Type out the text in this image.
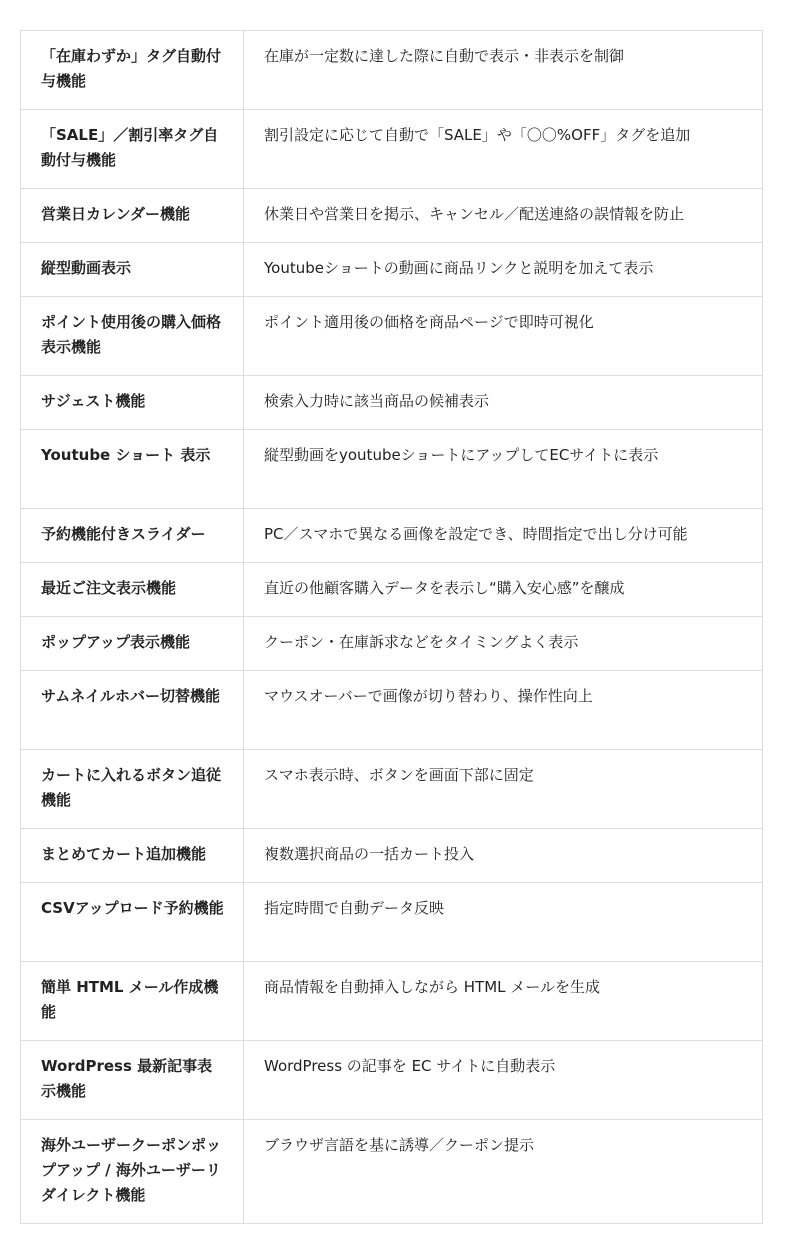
「在庫わずか」タグ自動付与機能	在庫が一定数に達した際に自動で表示・非表示を制御
「SALE」／割引率タグ自動付与機能	割引設定に応じて自動で「SALE」や「〇〇%OFF」タグを追加
営業日カレンダー機能	休業日や営業日を掲示、キャンセル／配送連絡の誤情報を防止
縦型動画表示	Youtubeショートの動画に商品リンクと説明を加えて表示
ポイント使用後の購入価格表示機能	ポイント適用後の価格を商品ページで即時可視化
サジェスト機能	検索入力時に該当商品の候補表示
Youtube ショート 表示	縦型動画をyoutubeショートにアップしてECサイトに表示
予約機能付きスライダー	PC／スマホで異なる画像を設定でき、時間指定で出し分け可能
最近ご注文表示機能	直近の他顧客購入データを表示し“購入安心感”を醸成
ポップアップ表示機能	クーポン・在庫訴求などをタイミングよく表示
サムネイルホバー切替機能	マウスオーバーで画像が切り替わり、操作性向上
カートに入れるボタン追従機能	スマホ表示時、ボタンを画面下部に固定
まとめてカート追加機能	複数選択商品の一括カート投入
CSVアップロード予約機能	指定時間で自動データ反映
簡単 HTML メール作成機能	商品情報を自動挿入しながら HTML メールを生成
WordPress 最新記事表示機能	WordPress の記事を EC サイトに自動表示
海外ユーザークーポンポップアップ / 海外ユーザーリダイレクト機能	ブラウザ言語を基に誘導／クーポン提示
